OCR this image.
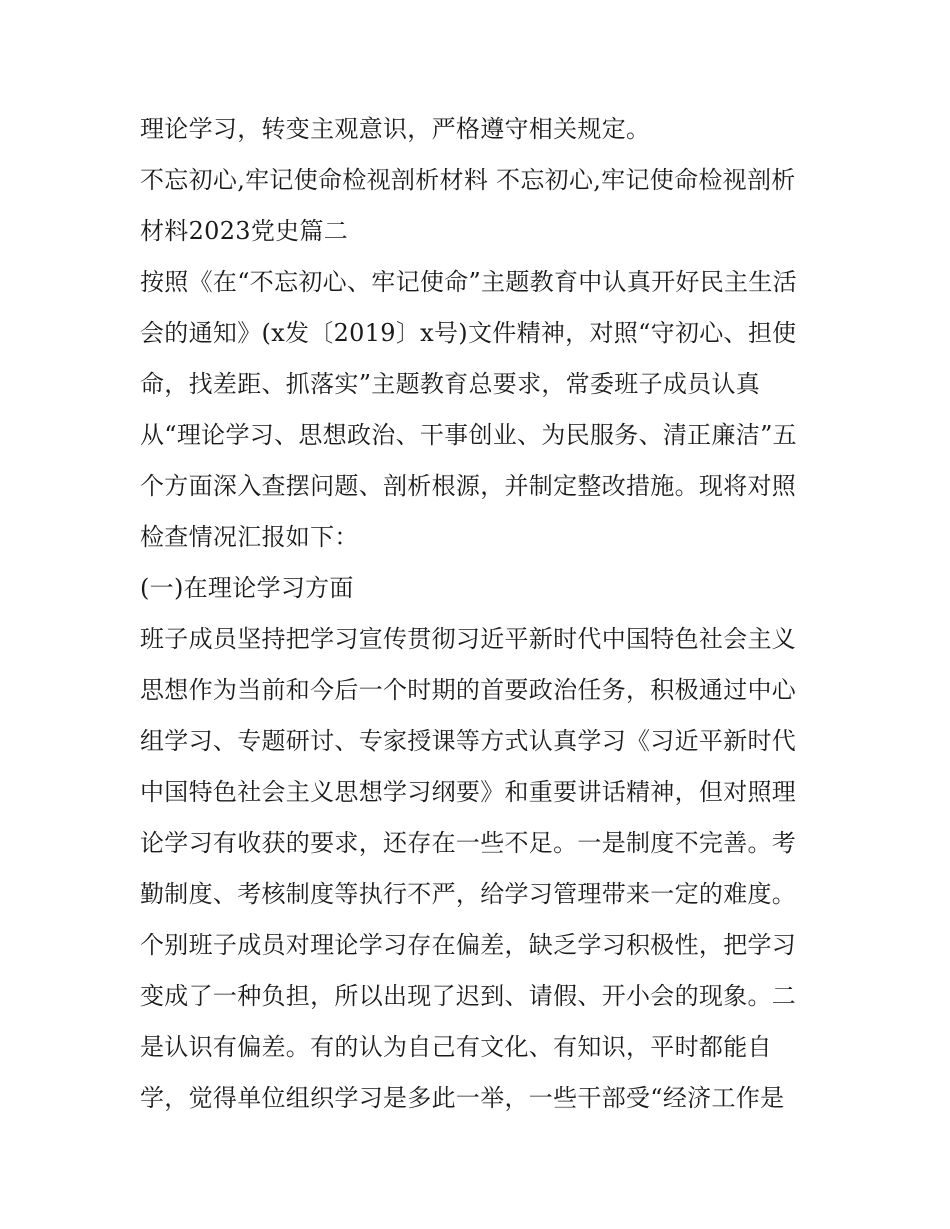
理论学习，转变主观意识，严格遵守相关规定。
不忘初心,牢记使命检视剖析材料 不忘初心,牢记使命检视剖析
材料2023党史篇二
按照《在“不忘初心、牢记使命”主题教育中认真开好民主生活
会的通知》(x发〔2019〕x号)文件精神，对照“守初心、担使
命，找差距、抓落实”主题教育总要求，常委班子成员认真
从“理论学习、思想政治、干事创业、为民服务、清正廉洁”五
个方面深入查摆问题、剖析根源，并制定整改措施。现将对照
检查情况汇报如下：
(一)在理论学习方面
班子成员坚持把学习宣传贯彻习近平新时代中国特色社会主义
思想作为当前和今后一个时期的首要政治任务，积极通过中心
组学习、专题研讨、专家授课等方式认真学习《习近平新时代
中国特色社会主义思想学习纲要》和重要讲话精神，但对照理
论学习有收获的要求，还存在一些不足。一是制度不完善。考
勤制度、考核制度等执行不严，给学习管理带来一定的难度。
个别班子成员对理论学习存在偏差，缺乏学习积极性，把学习
变成了一种负担，所以出现了迟到、请假、开小会的现象。二
是认识有偏差。有的认为自己有文化、有知识，平时都能自
学，觉得单位组织学习是多此一举，一些干部受“经济工作是
